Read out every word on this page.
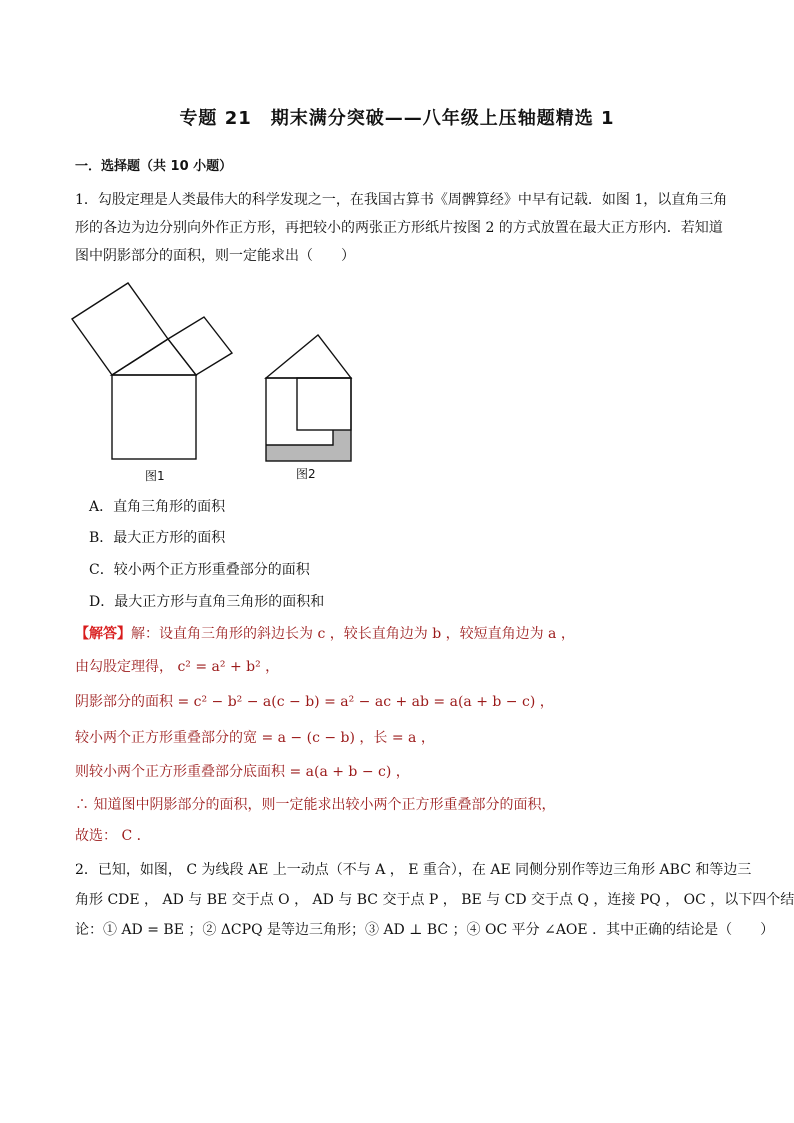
专题 21　期末满分突破——八年级上压轴题精选 1

一．选择题（共 10 小题）

1．勾股定理是人类最伟大的科学发现之一，在我国古算书《周髀算经》中早有记载．如图 1，以直角三角

形的各边为边分别向外作正方形，再把较小的两张正方形纸片按图 2 的方式放置在最大正方形内．若知道

图中阴影部分的面积，则一定能求出（　　）

图1	图2

A．直角三角形的面积

B．最大正方形的面积

C．较小两个正方形重叠部分的面积

D．最大正方形与直角三角形的面积和

【解答】解：设直角三角形的斜边长为 c ，较长直角边为 b ，较短直角边为 a ，

由勾股定理得， c² = a² + b² ，

阴影部分的面积 = c² − b² − a(c − b) = a² − ac + ab = a(a + b − c) ，

较小两个正方形重叠部分的宽 = a − (c − b) ，长 = a ，

则较小两个正方形重叠部分底面积 = a(a + b − c) ，

∴ 知道图中阴影部分的面积，则一定能求出较小两个正方形重叠部分的面积，

故选： C ．

2．已知，如图， C 为线段 AE 上一动点（不与 A ， E 重合），在 AE 同侧分别作等边三角形 ABC 和等边三

角形 CDE ， AD 与 BE 交于点 O ， AD 与 BC 交于点 P ， BE 与 CD 交于点 Q ，连接 PQ ， OC ，以下四个结

论：① AD = BE ；② ΔCPQ 是等边三角形；③ AD ⊥ BC ；④ OC 平分 ∠AOE ．其中正确的结论是（　　）
